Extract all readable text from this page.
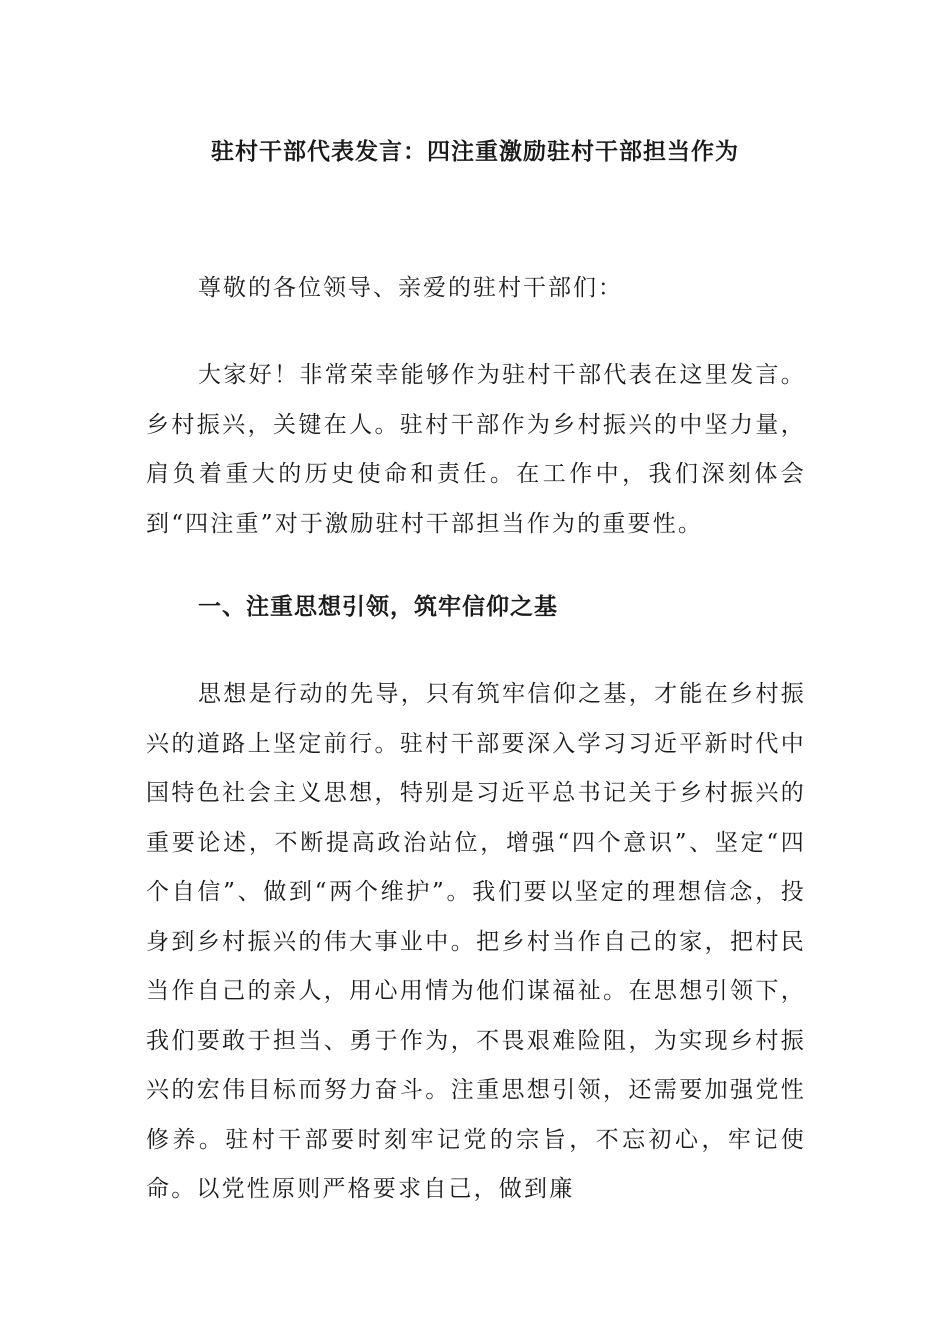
驻村干部代表发言：四注重激励驻村干部担当作为

尊敬的各位领导、亲爱的驻村干部们：

大家好！非常荣幸能够作为驻村干部代表在这里发言。乡村振兴，关键在人。驻村干部作为乡村振兴的中坚力量，肩负着重大的历史使命和责任。在工作中，我们深刻体会到“四注重”对于激励驻村干部担当作为的重要性。

一、注重思想引领，筑牢信仰之基

思想是行动的先导，只有筑牢信仰之基，才能在乡村振兴的道路上坚定前行。驻村干部要深入学习习近平新时代中国特色社会主义思想，特别是习近平总书记关于乡村振兴的重要论述，不断提高政治站位，增强“四个意识”、坚定“四个自信”、做到“两个维护”。我们要以坚定的理想信念，投身到乡村振兴的伟大事业中。把乡村当作自己的家，把村民当作自己的亲人，用心用情为他们谋福祉。在思想引领下，我们要敢于担当、勇于作为，不畏艰难险阻，为实现乡村振兴的宏伟目标而努力奋斗。注重思想引领，还需要加强党性修养。驻村干部要时刻牢记党的宗旨，不忘初心，牢记使命。以党性原则严格要求自己，做到廉
